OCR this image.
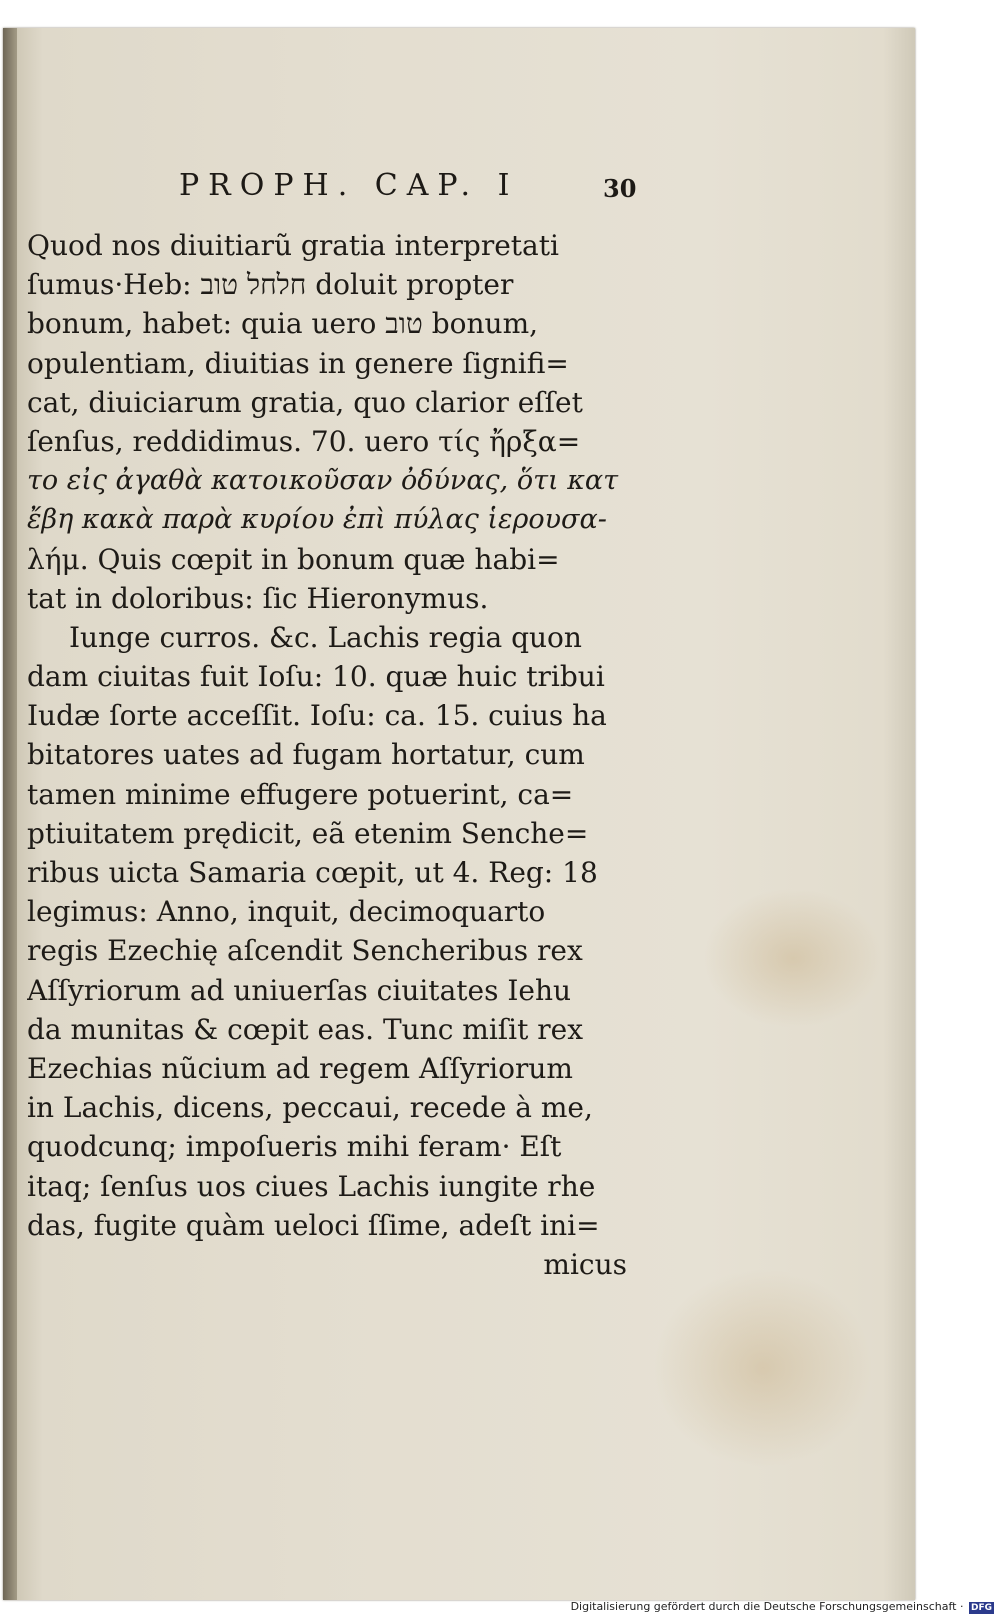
PROPH. CAP. I	30
Quod nos diuitiarũ gratia interpretati
ſumus·Heb: חלחל טוב doluit propter
bonum, habet: quia uero טוב bonum,
opulentiam, diuitias in genere ſignifi=
cat, diuiciarum gratia, quo clarior eſſet
ſenſus, reddidimus. 70. uero τίς ἤρξα=
το εἰς ἀγαθὰ κατοικοῦσαν ὀδύνας, ὅτι κατ
ἔβη κακὰ παρὰ κυρίου ἐπὶ πύλας ἱερουσα-
λήμ. Quis cœpit in bonum quæ habi=
tat in doloribus: ſic Hieronymus.
Iunge curros. &c. Lachis regia quon
dam ciuitas fuit Ioſu: 10. quæ huic tribui
Iudæ ſorte acceſſit. Ioſu: ca. 15. cuius ha
bitatores uates ad fugam hortatur, cum
tamen minime effugere potuerint, ca=
ptiuitatem prędicit, eã etenim Senche=
ribus uicta Samaria cœpit, ut 4. Reg: 18
legimus: Anno, inquit, decimoquarto
regis Ezechię aſcendit Sencheribus rex
Aſſyriorum ad uniuerſas ciuitates Iehu
da munitas & cœpit eas. Tunc miſit rex
Ezechias nũcium ad regem Aſſyriorum
in Lachis, dicens, peccaui, recede à me,
quodcunq; impoſueris mihi feram· Eſt
itaq; ſenſus uos ciues Lachis iungite rhe
das, fugite quàm ueloci ſſime, adeſt ini=
micus
Digitalisierung gefördert durch die Deutsche Forschungsgemeinschaft · DFG
